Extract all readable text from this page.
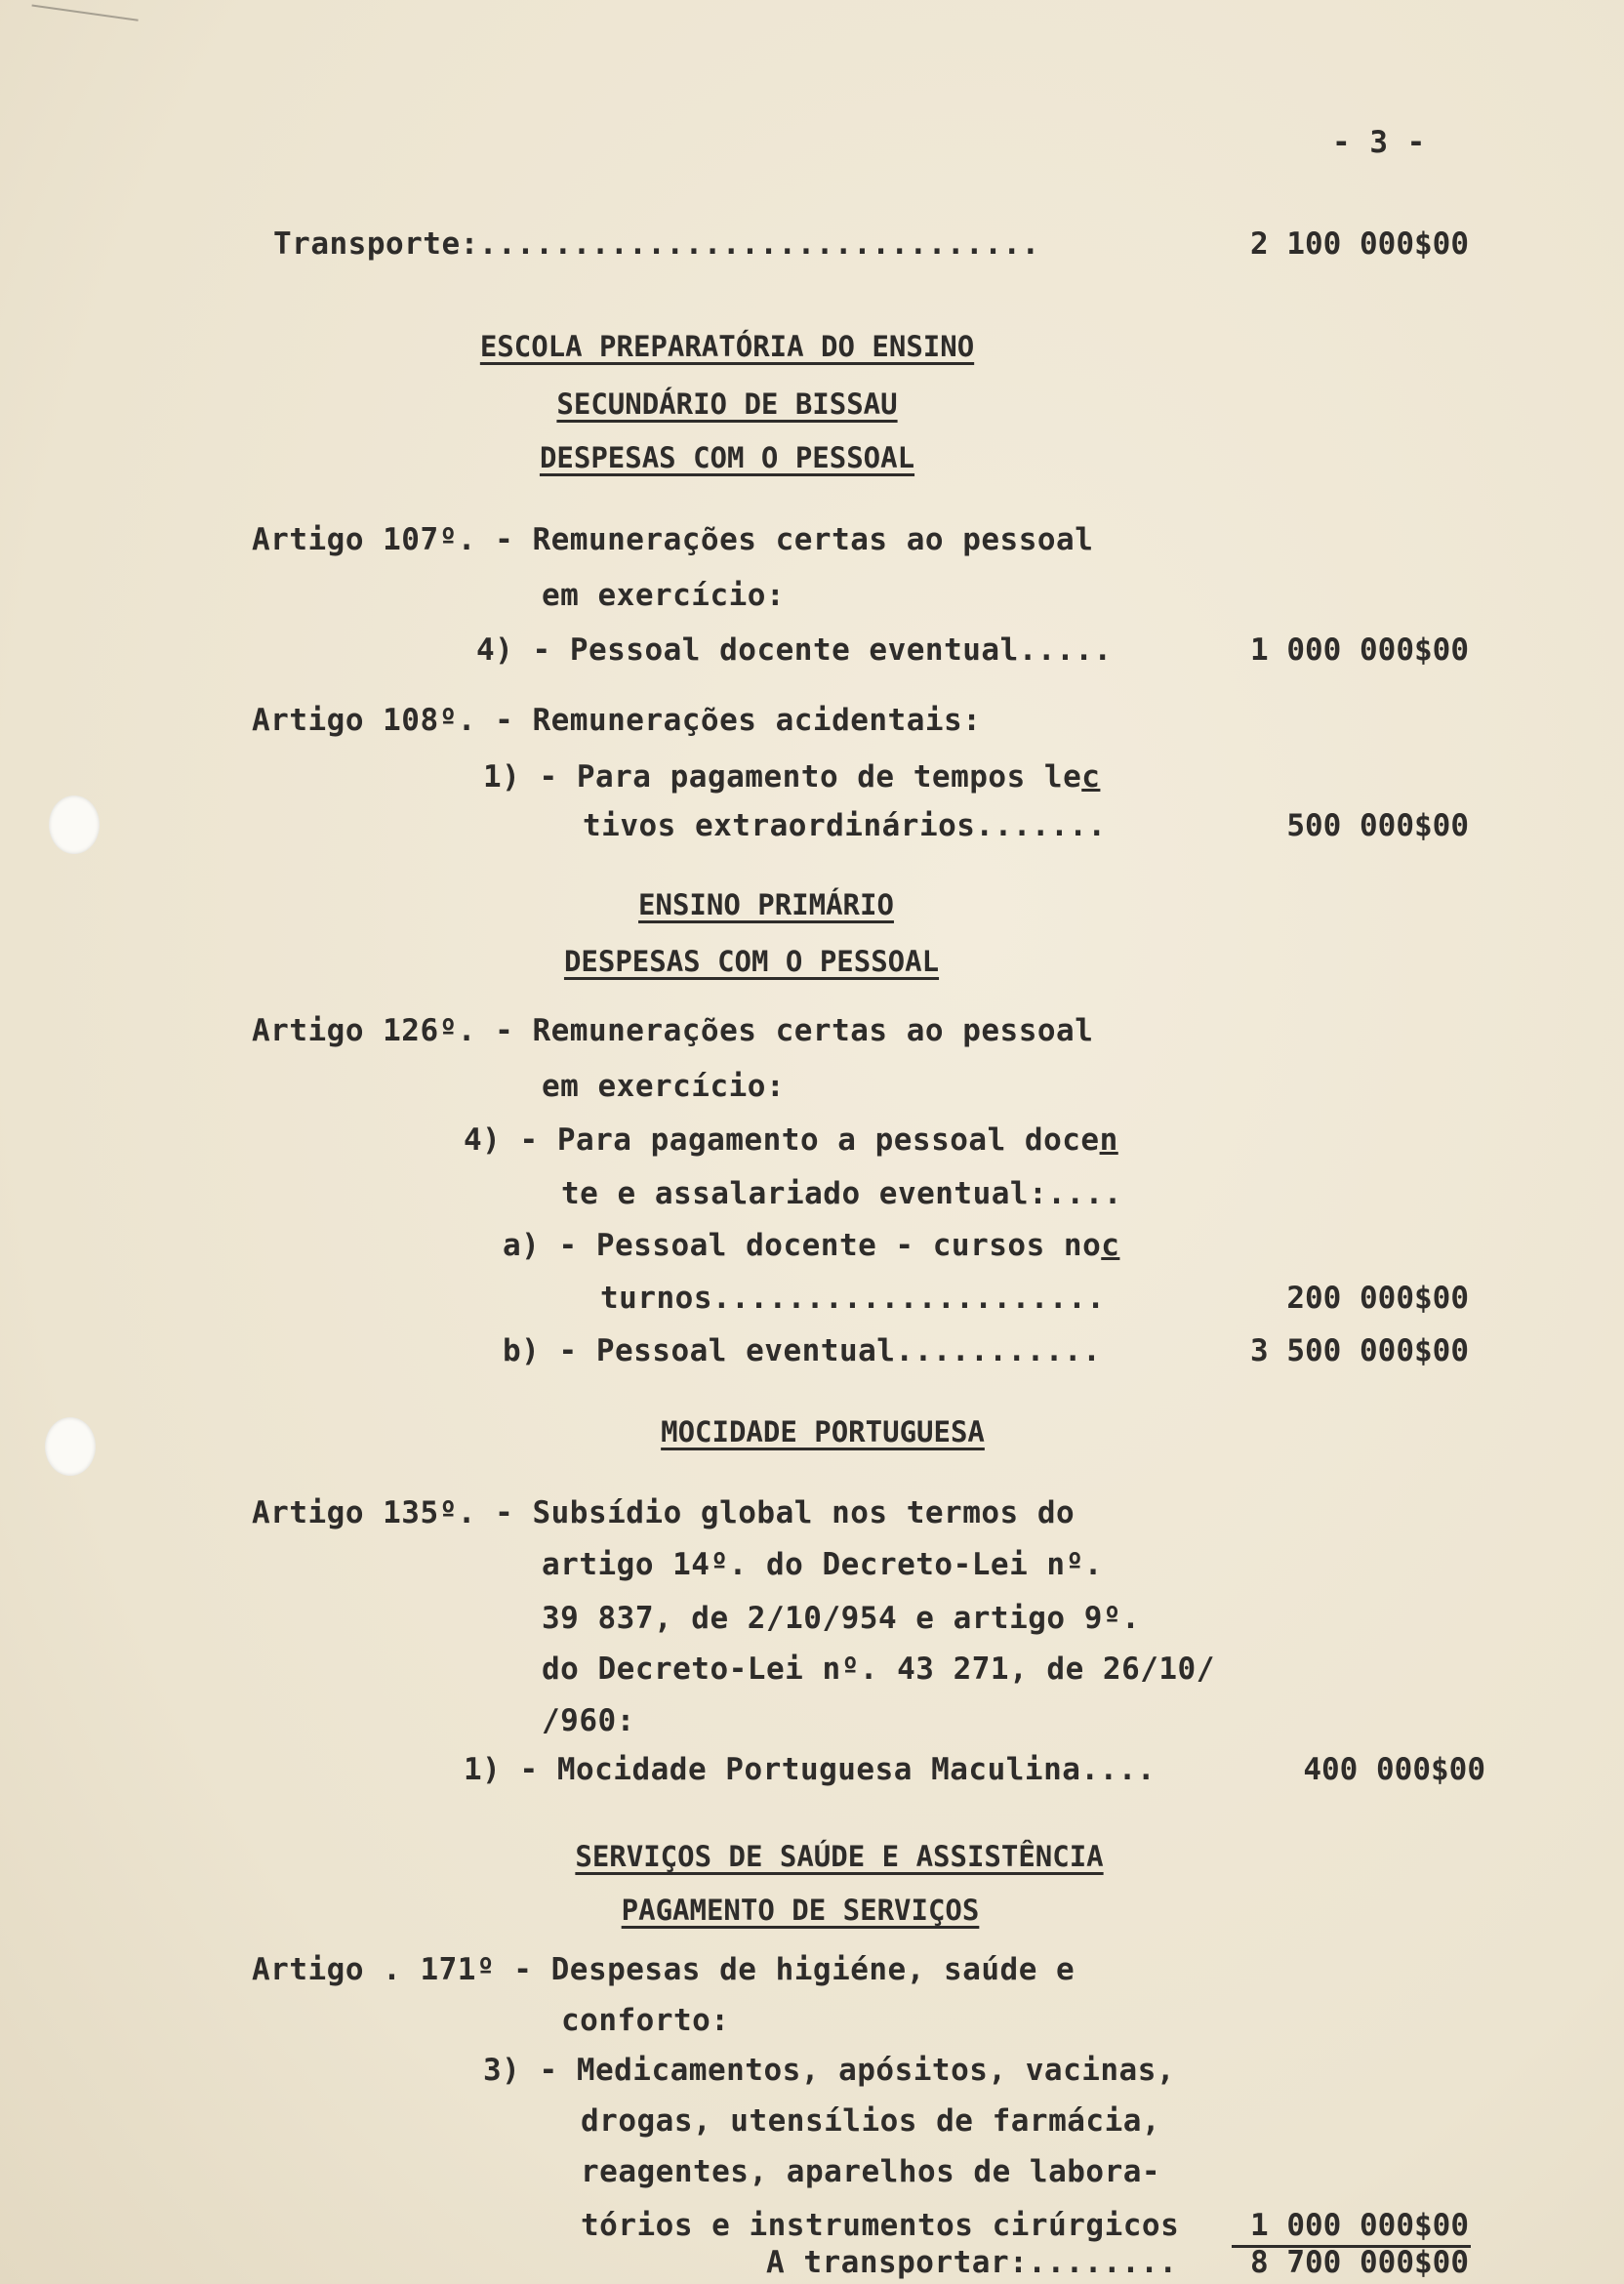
- 3 -
Transporte:..............................	2 100 000$00
ESCOLA PREPARATÓRIA DO ENSINO
SECUNDÁRIO DE BISSAU
DESPESAS COM O PESSOAL
Artigo 107º. - Remunerações certas ao pessoal
em exercício:
4) - Pessoal docente eventual.....	1 000 000$00
Artigo 108º. - Remunerações acidentais:
1) - Para pagamento de tempos lec
tivos extraordinários.......	500 000$00
ENSINO PRIMÁRIO
DESPESAS COM O PESSOAL
Artigo 126º. - Remunerações certas ao pessoal
em exercício:
4) - Para pagamento a pessoal docen
te e assalariado eventual:....
a) - Pessoal docente - cursos noc
turnos.....................	200 000$00
b) - Pessoal eventual...........	3 500 000$00
MOCIDADE PORTUGUESA
Artigo 135º. - Subsídio global nos termos do
artigo 14º. do Decreto-Lei nº.
39 837, de 2/10/954 e artigo 9º.
do Decreto-Lei nº. 43 271, de 26/10/
/960:
1) - Mocidade Portuguesa Maculina....	400 000$00
SERVIÇOS DE SAÚDE E ASSISTÊNCIA
PAGAMENTO DE SERVIÇOS
Artigo . 171º - Despesas de higiéne, saúde e
conforto:
3) - Medicamentos, apósitos, vacinas,
drogas, utensílios de farmácia,
reagentes, aparelhos de labora-
tórios e instrumentos cirúrgicos	1 000 000$00
A transportar:........	8 700 000$00
